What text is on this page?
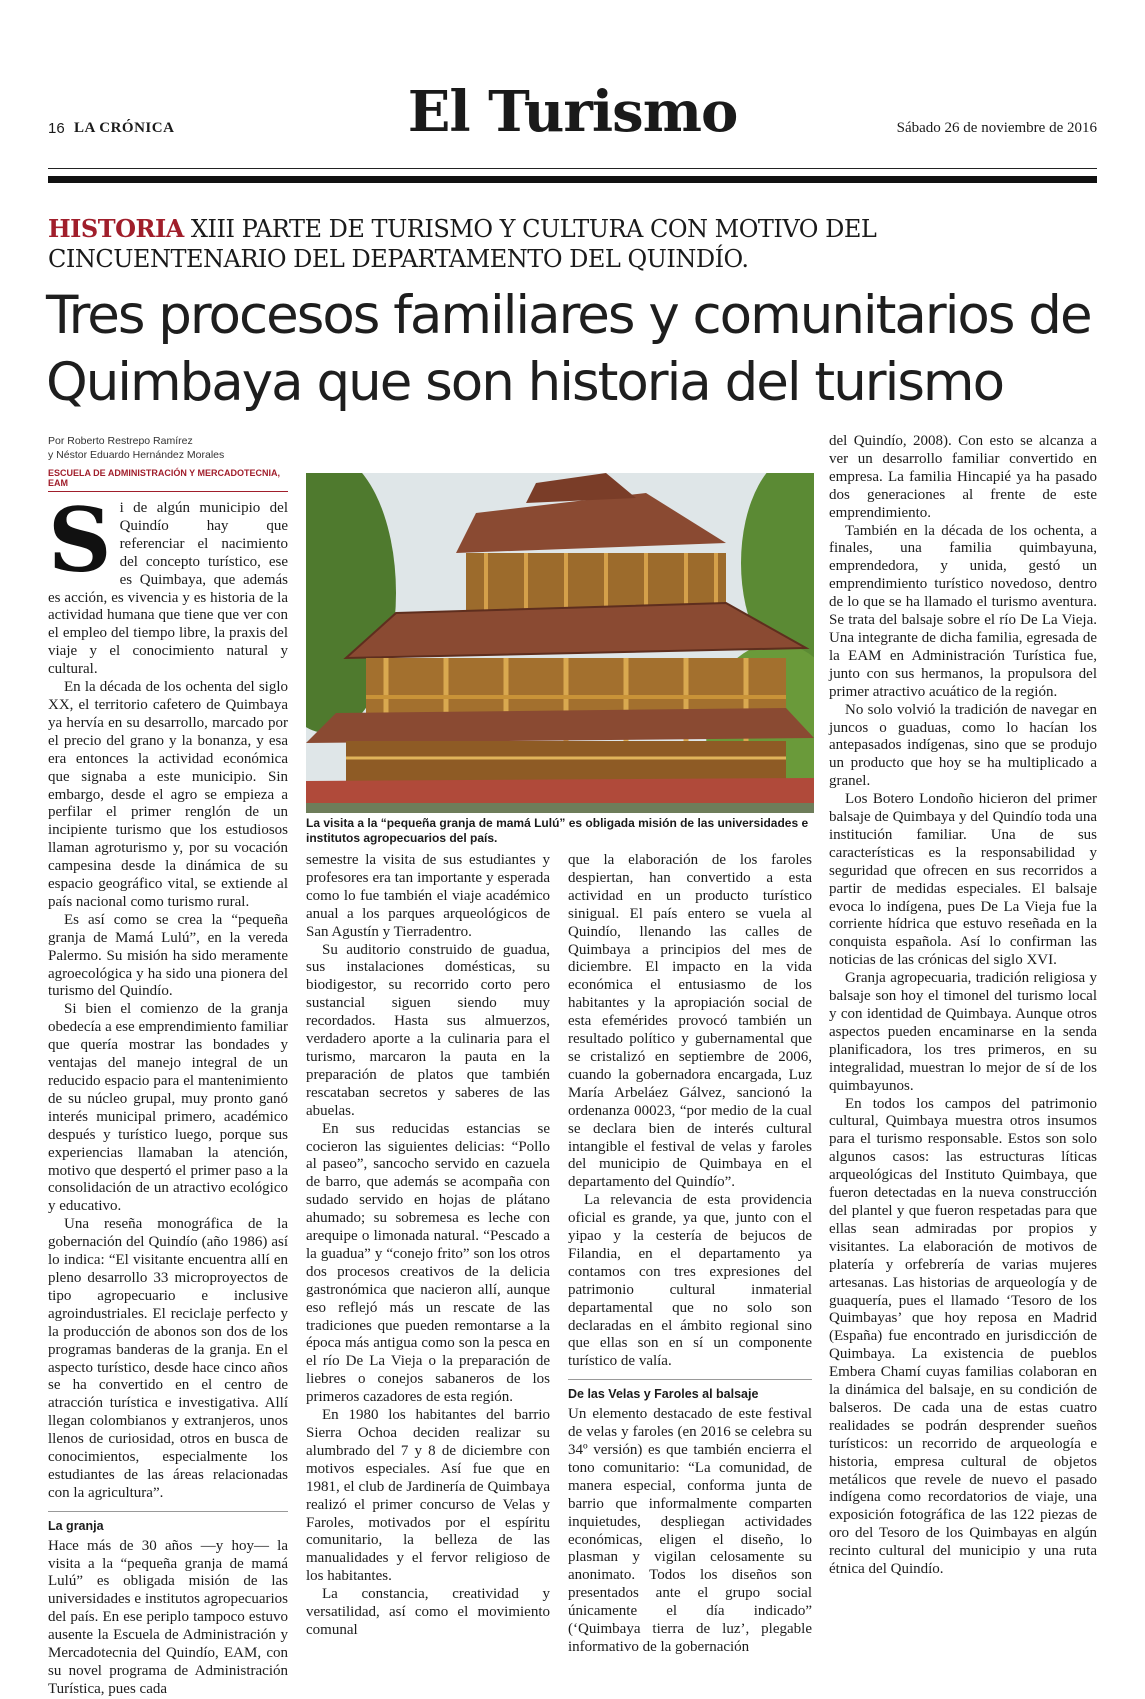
16 LA CRÓNICA	El Turismo	Sábado 26 de noviembre de 2016
HISTORIA XIII PARTE DE TURISMO Y CULTURA CON MOTIVO DEL CINCUENTENARIO DEL DEPARTAMENTO DEL QUINDÍO.
Tres procesos familiares y comunitarios de Quimbaya que son historia del turismo
Por Roberto Restrepo Ramírez
y Néstor Eduardo Hernández Morales
ESCUELA DE ADMINISTRACIÓN Y MERCADOTECNIA, EAM
La visita a la “pequeña granja de mamá Lulú” es obligada misión de las universidades e institutos agropecuarios del país.
S i de algún municipio del Quindío hay que referenciar el nacimiento del concepto turístico, ese es Quimbaya, que además es acción, es vivencia y es historia de la actividad humana que tiene que ver con el empleo del tiempo libre, la praxis del viaje y el conocimiento natural y cultural.

En la década de los ochenta del siglo XX, el territorio cafetero de Quimbaya ya hervía en su desarrollo, marcado por el precio del grano y la bonanza, y esa era entonces la actividad económica que signaba a este municipio. Sin embargo, desde el agro se empieza a perfilar el primer renglón de un incipiente turismo que los estudiosos llaman agroturismo y, por su vocación campesina desde la dinámica de su espacio geográfico vital, se extiende al país nacional como turismo rural.

Es así como se crea la “pequeña granja de Mamá Lulú”, en la vereda Palermo. Su misión ha sido meramente agroecológica y ha sido una pionera del turismo del Quindío.

Si bien el comienzo de la granja obedecía a ese emprendimiento familiar que quería mostrar las bondades y ventajas del manejo integral de un reducido espacio para el mantenimiento de su núcleo grupal, muy pronto ganó interés municipal primero, académico después y turístico luego, porque sus experiencias llamaban la atención, motivo que despertó el primer paso a la consolidación de un atractivo ecológico y educativo.

Una reseña monográfica de la gobernación del Quindío (año 1986) así lo indica: “El visitante encuentra allí en pleno desarrollo 33 microproyectos de tipo agropecuario e inclusive agroindustriales. El reciclaje perfecto y la producción de abonos son dos de los programas banderas de la granja. En el aspecto turístico, desde hace cinco años se ha convertido en el centro de atracción turística e investigativa. Allí llegan colombianos y extranjeros, unos llenos de curiosidad, otros en busca de conocimientos, especialmente los estudiantes de las áreas relacionadas con la agricultura”.

La granja

Hace más de 30 años —y hoy— la visita a la “pequeña granja de mamá Lulú” es obligada misión de las universidades e institutos agropecuarios del país. En ese periplo tampoco estuvo ausente la Escuela de Administración y Mercadotecnia del Quindío, EAM, con su novel programa de Administración Turística, pues cada

semestre la visita de sus estudiantes y profesores era tan importante y esperada como lo fue también el viaje académico anual a los parques arqueológicos de San Agustín y Tierradentro.

Su auditorio construido de guadua, sus instalaciones domésticas, su biodigestor, su recorrido corto pero sustancial siguen siendo muy recordados. Hasta sus almuerzos, verdadero aporte a la culinaria para el turismo, marcaron la pauta en la preparación de platos que también rescataban secretos y saberes de las abuelas.

En sus reducidas estancias se cocieron las siguientes delicias: “Pollo al paseo”, sancocho servido en cazuela de barro, que además se acompaña con sudado servido en hojas de plátano ahumado; su sobremesa es leche con arequipe o limonada natural. “Pescado a la guadua” y “conejo frito” son los otros dos procesos creativos de la delicia gastronómica que nacieron allí, aunque eso reflejó más un rescate de las tradiciones que pueden remontarse a la época más antigua como son la pesca en el río De La Vieja o la preparación de liebres o conejos sabaneros de los primeros cazadores de esta región.

En 1980 los habitantes del barrio Sierra Ochoa deciden realizar su alumbrado del 7 y 8 de diciembre con motivos especiales. Así fue que en 1981, el club de Jardinería de Quimbaya realizó el primer concurso de Velas y Faroles, motivados por el espíritu comunitario, la belleza de las manualidades y el fervor religioso de los habitantes.

La constancia, creatividad y versatilidad, así como el movimiento comunal

que la elaboración de los faroles despiertan, han convertido a esta actividad en un producto turístico sinigual. El país entero se vuela al Quindío, llenando las calles de Quimbaya a principios del mes de diciembre. El impacto en la vida económica el entusiasmo de los habitantes y la apropiación social de esta efemérides provocó también un resultado político y gubernamental que se cristalizó en septiembre de 2006, cuando la gobernadora encargada, Luz María Arbeláez Gálvez, sancionó la ordenanza 00023, “por medio de la cual se declara bien de interés cultural intangible el festival de velas y faroles del municipio de Quimbaya en el departamento del Quindío”.

La relevancia de esta providencia oficial es grande, ya que, junto con el yipao y la cestería de bejucos de Filandia, en el departamento ya contamos con tres expresiones del patrimonio cultural inmaterial departamental que no solo son declaradas en el ámbito regional sino que ellas son en sí un componente turístico de valía.

De las Velas y Faroles al balsaje

Un elemento destacado de este festival de velas y faroles (en 2016 se celebra su 34º versión) es que también encierra el tono comunitario: “La comunidad, de manera especial, conforma junta de barrio que informalmente comparten inquietudes, despliegan actividades económicas, eligen el diseño, lo plasman y vigilan celosamente su anonimato. Todos los diseños son presentados ante el grupo social únicamente el día indicado” (‘Quimbaya tierra de luz’, plegable informativo de la gobernación

del Quindío, 2008). Con esto se alcanza a ver un desarrollo familiar convertido en empresa. La familia Hincapié ya ha pasado dos generaciones al frente de este emprendimiento.

También en la década de los ochenta, a finales, una familia quimbayuna, emprendedora, y unida, gestó un emprendimiento turístico novedoso, dentro de lo que se ha llamado el turismo aventura. Se trata del balsaje sobre el río De La Vieja. Una integrante de dicha familia, egresada de la EAM en Administración Turística fue, junto con sus hermanos, la propulsora del primer atractivo acuático de la región.

No solo volvió la tradición de navegar en juncos o guaduas, como lo hacían los antepasados indígenas, sino que se produjo un producto que hoy se ha multiplicado a granel.

Los Botero Londoño hicieron del primer balsaje de Quimbaya y del Quindío toda una institución familiar. Una de sus características es la responsabilidad y seguridad que ofrecen en sus recorridos a partir de medidas especiales. El balsaje evoca lo indígena, pues De La Vieja fue la corriente hídrica que estuvo reseñada en la conquista española. Así lo confirman las noticias de las crónicas del siglo XVI.

Granja agropecuaria, tradición religiosa y balsaje son hoy el timonel del turismo local y con identidad de Quimbaya. Aunque otros aspectos pueden encaminarse en la senda planificadora, los tres primeros, en su integralidad, muestran lo mejor de sí de los quimbayunos.

En todos los campos del patrimonio cultural, Quimbaya muestra otros insumos para el turismo responsable. Estos son solo algunos casos: las estructuras líticas arqueológicas del Instituto Quimbaya, que fueron detectadas en la nueva construcción del plantel y que fueron respetadas para que ellas sean admiradas por propios y visitantes. La elaboración de motivos de platería y orfebrería de varias mujeres artesanas. Las historias de arqueología y de guaquería, pues el llamado ‘Tesoro de los Quimbayas’ que hoy reposa en Madrid (España) fue encontrado en jurisdicción de Quimbaya. La existencia de pueblos Embera Chamí cuyas familias colaboran en la dinámica del balsaje, en su condición de balseros. De cada una de estas cuatro realidades se podrán desprender sueños turísticos: un recorrido de arqueología e historia, empresa cultural de objetos metálicos que revele de nuevo el pasado indígena como recordatorios de viaje, una exposición fotográfica de las 122 piezas de oro del Tesoro de los Quimbayas en algún recinto cultural del municipio y una ruta étnica del Quindío.
